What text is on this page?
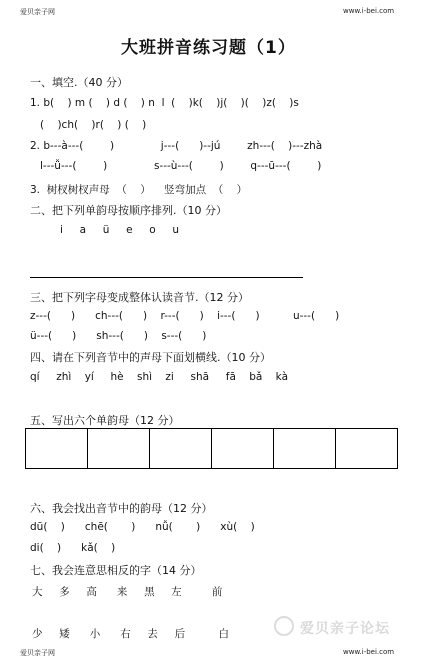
爱贝亲子网	www.i-bei.com
大班拼音练习题（1）
一、填空.（40 分）
1. b(    ) m (    ) d (    ) n  l  (    )k(    )j(    )(    )z(    )s
(    )ch(    )r(    ) (    )
2. b---à---(        )              j---(      )--jú        zh---(    )---zhà
l---ǚ---(        )              s---ù---(        )        q---ū---(        )
3.  树杈树杈声母  （    ）    竖弯加点  （    ）
二、把下列单韵母按顺序排列.（10 分）
i     a     ü     e     o     u
三、把下列字母变成整体认读音节.（12 分）
z---(      )      ch---(      )    r---(      )    i---(      )          u---(      )
ü---(      )      sh---(      )    s---(      )
四、请在下列音节中的声母下面划横线.（10 分）
qí     zhì    yí     hè    shì    zi     shā     fā    bǎ    kà
五、写出六个单韵母（12 分）
六、我会找出音节中的韵母（12 分）
dū(    )      chē(       )      nǚ(       )      xù(    )
di(    )      kǎ(    )
七、我会连意思相反的字（14 分）
大     多     高      来     黑     左         前
少     矮      小      右     去     后          白	爱贝亲子论坛
爱贝亲子网	www.i-bei.com
